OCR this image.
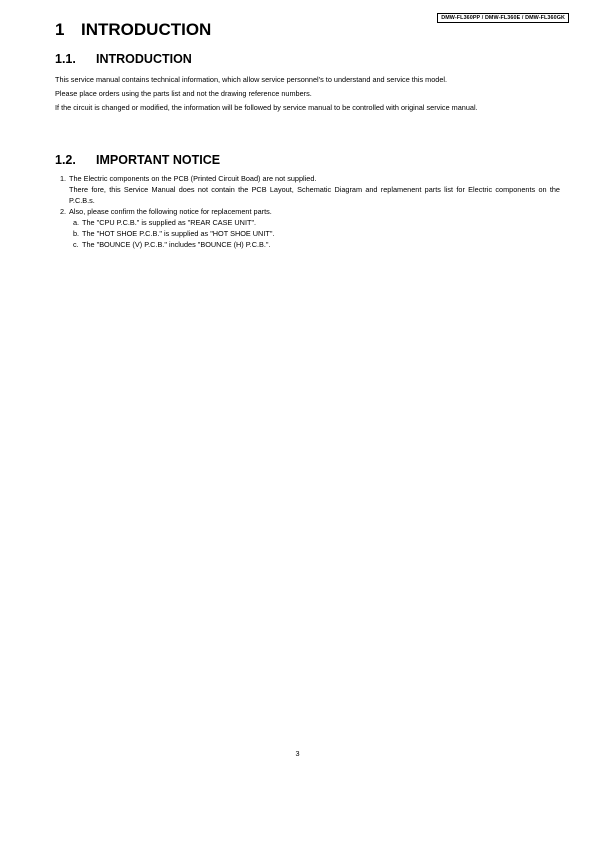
DMW-FL360PP / DMW-FL360E / DMW-FL360GK
1 INTRODUCTION
1.1. INTRODUCTION
This service manual contains technical information, which allow service personnel’s to understand and service this model.
Please place orders using the parts list and not the drawing reference numbers.
If the circuit is changed or modified, the information will be followed by service manual to be controlled with original service manual.
1.2. IMPORTANT NOTICE
1. The Electric components on the PCB (Printed Circuit Boad) are not supplied.
There fore, this Service Manual does not contain the PCB Layout, Schematic Diagram and replamenent parts list for Electric components on the P.C.B.s.
2. Also, please confirm the following notice for replacement parts.
a. The "CPU P.C.B." is supplied as "REAR CASE UNIT".
b. The "HOT SHOE P.C.B." is supplied as "HOT SHOE UNIT".
c. The "BOUNCE (V) P.C.B." includes "BOUNCE (H) P.C.B.".
3
